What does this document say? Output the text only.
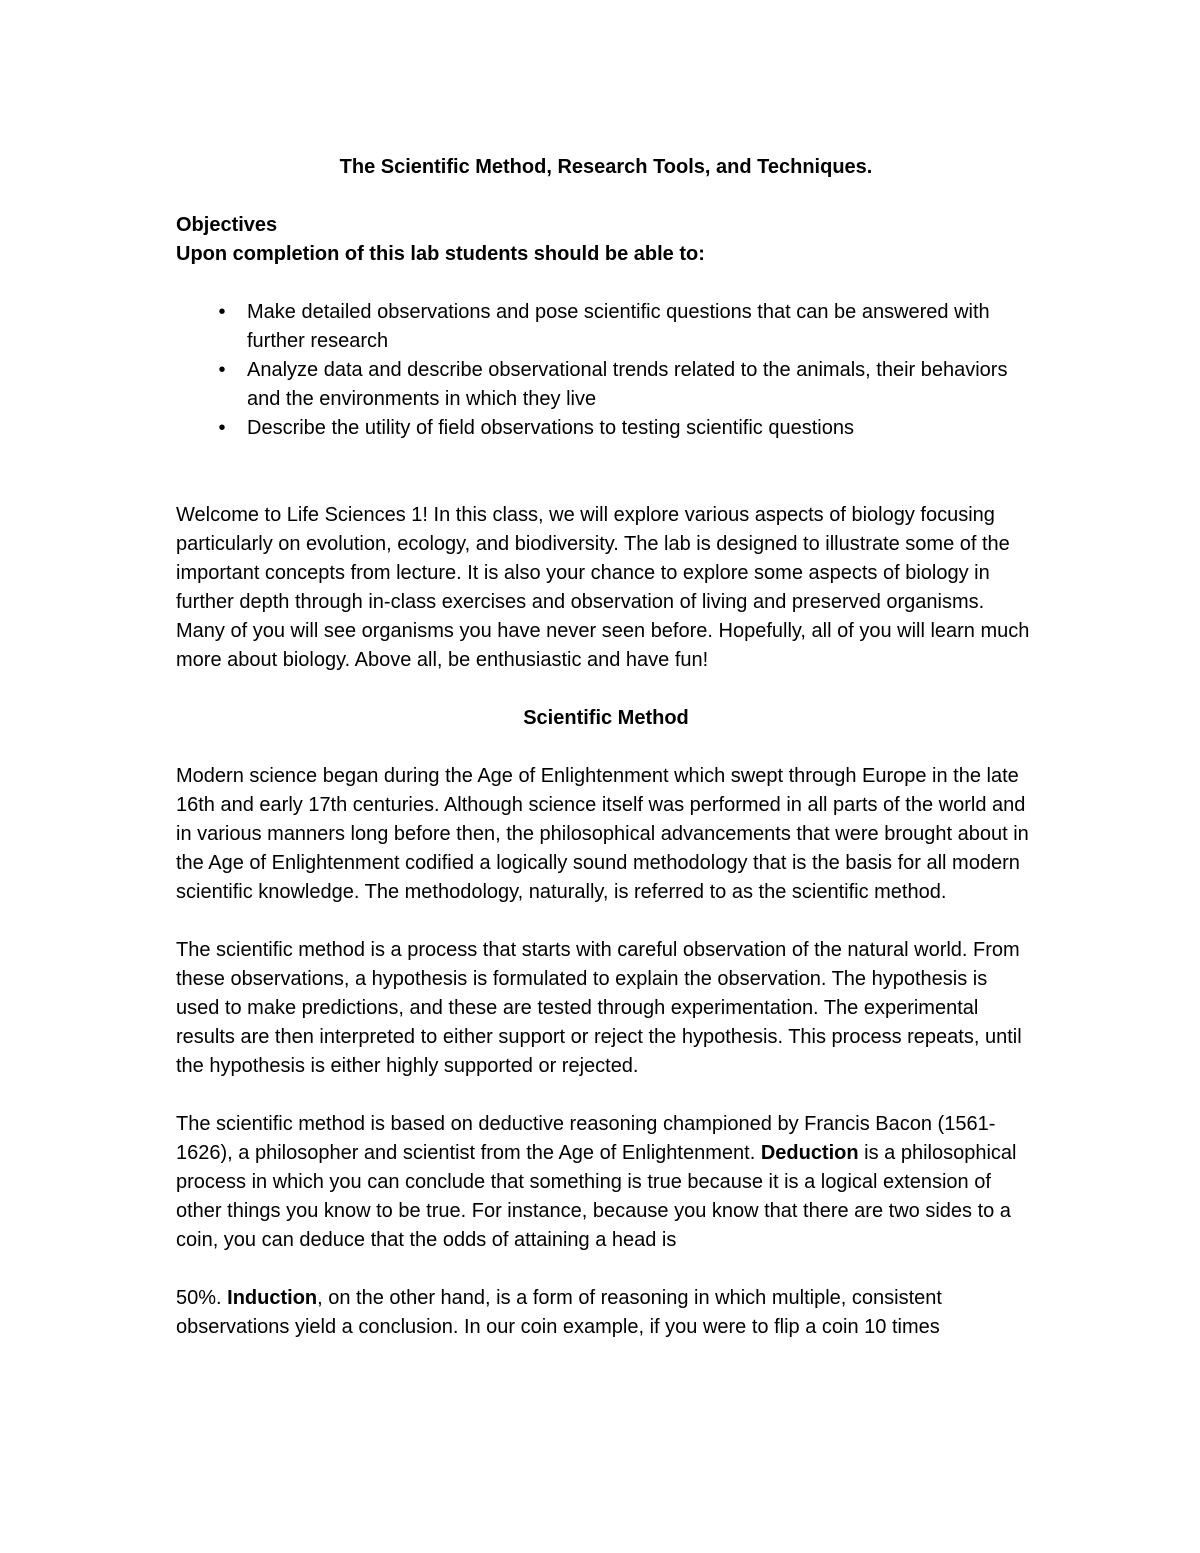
The Scientific Method, Research Tools, and Techniques.

Objectives

Upon completion of this lab students should be able to:

•	Make detailed observations and pose scientific questions that can be answered with further research
•	Analyze data and describe observational trends related to the animals, their behaviors and the environments in which they live
•	Describe the utility of field observations to testing scientific questions

Welcome to Life Sciences 1! In this class, we will explore various aspects of biology focusing particularly on evolution, ecology, and biodiversity. The lab is designed to illustrate some of the important concepts from lecture. It is also your chance to explore some aspects of biology in further depth through in-class exercises and observation of living and preserved organisms. Many of you will see organisms you have never seen before. Hopefully, all of you will learn much more about biology. Above all, be enthusiastic and have fun!

Scientific Method

Modern science began during the Age of Enlightenment which swept through Europe in the late 16th and early 17th centuries. Although science itself was performed in all parts of the world and in various manners long before then, the philosophical advancements that were brought about in the Age of Enlightenment codified a logically sound methodology that is the basis for all modern scientific knowledge. The methodology, naturally, is referred to as the scientific method.

The scientific method is a process that starts with careful observation of the natural world. From these observations, a hypothesis is formulated to explain the observation. The hypothesis is used to make predictions, and these are tested through experimentation. The experimental results are then interpreted to either support or reject the hypothesis. This process repeats, until the hypothesis is either highly supported or rejected.

The scientific method is based on deductive reasoning championed by Francis Bacon (1561-1626), a philosopher and scientist from the Age of Enlightenment. Deduction is a philosophical process in which you can conclude that something is true because it is a logical extension of other things you know to be true. For instance, because you know that there are two sides to a coin, you can deduce that the odds of attaining a head is

50%. Induction, on the other hand, is a form of reasoning in which multiple, consistent observations yield a conclusion. In our coin example, if you were to flip a coin 10 times
